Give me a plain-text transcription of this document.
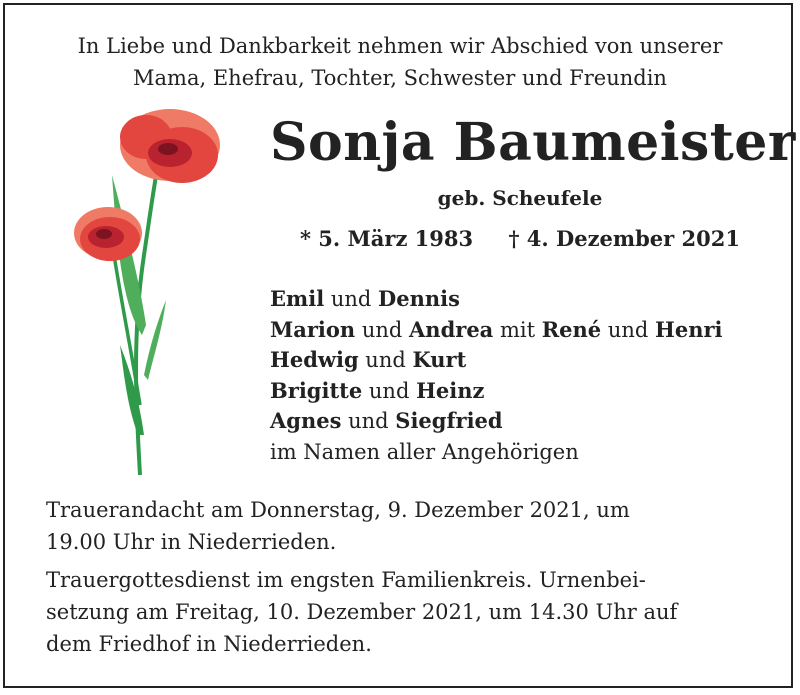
In Liebe und Dankbarkeit nehmen wir Abschied von unserer
Mama, Ehefrau, Tochter, Schwester und Freundin
Sonja Baumeister
geb. Scheufele
* 5. März 1983 † 4. Dezember 2021
Emil und Dennis
Marion und Andrea mit René und Henri
Hedwig und Kurt
Brigitte und Heinz
Agnes und Siegfried
im Namen aller Angehörigen
Trauerandacht am Donnerstag, 9. Dezember 2021, um
19.00 Uhr in Niederrieden.
Trauergottesdienst im engsten Familienkreis. Urnenbei-
setzung am Freitag, 10. Dezember 2021, um 14.30 Uhr auf
dem Friedhof in Niederrieden.
